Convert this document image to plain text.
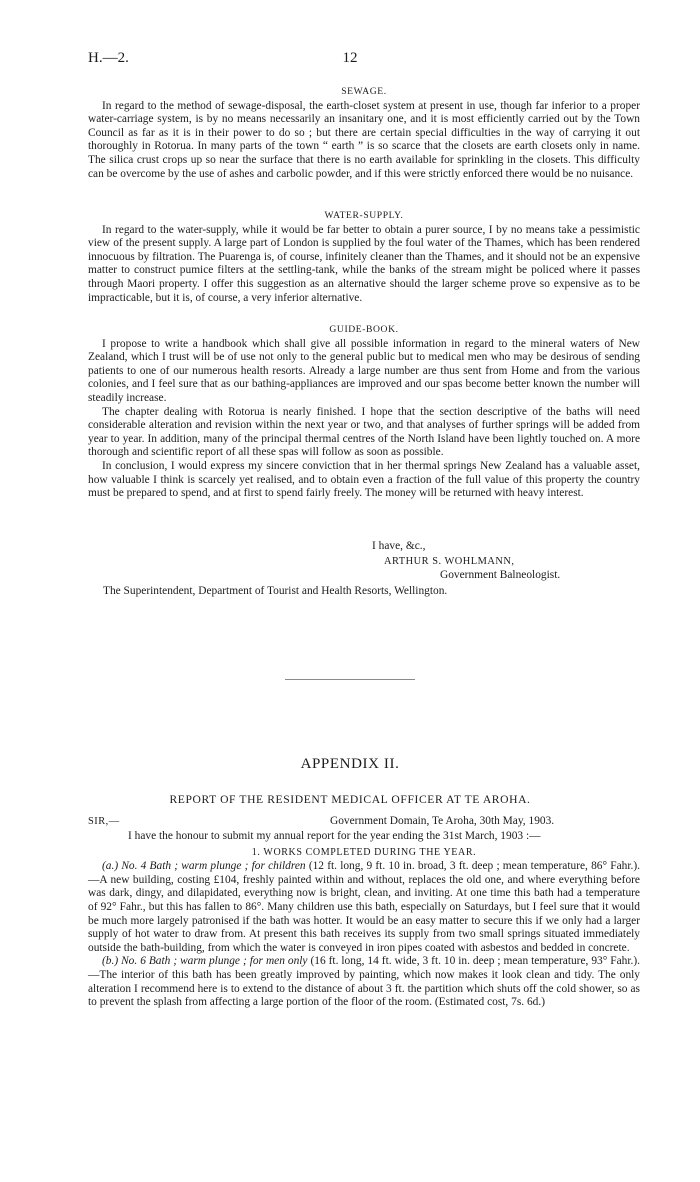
H.—2.	12
SEWAGE.

In regard to the method of sewage-disposal, the earth-closet system at present in use, though far inferior to a proper water-carriage system, is by no means necessarily an insanitary one, and it is most efficiently carried out by the Town Council as far as it is in their power to do so ; but there are certain special difficulties in the way of carrying it out thoroughly in Rotorua. In many parts of the town “ earth ” is so scarce that the closets are earth closets only in name. The silica crust crops up so near the surface that there is no earth available for sprinkling in the closets. This difficulty can be overcome by the use of ashes and carbolic powder, and if this were strictly enforced there would be no nuisance.

WATER-SUPPLY.

In regard to the water-supply, while it would be far better to obtain a purer source, I by no means take a pessimistic view of the present supply. A large part of London is supplied by the foul water of the Thames, which has been rendered innocuous by filtration. The Puarenga is, of course, infinitely cleaner than the Thames, and it should not be an expensive matter to construct pumice filters at the settling-tank, while the banks of the stream might be policed where it passes through Maori property. I offer this suggestion as an alternative should the larger scheme prove so expensive as to be impracticable, but it is, of course, a very inferior alternative.

GUIDE-BOOK.

I propose to write a handbook which shall give all possible information in regard to the mineral waters of New Zealand, which I trust will be of use not only to the general public but to medical men who may be desirous of sending patients to one of our numerous health resorts. Already a large number are thus sent from Home and from the various colonies, and I feel sure that as our bathing-appliances are improved and our spas become better known the number will steadily increase.

The chapter dealing with Rotorua is nearly finished. I hope that the section descriptive of the baths will need considerable alteration and revision within the next year or two, and that analyses of further springs will be added from year to year. In addition, many of the principal thermal centres of the North Island have been lightly touched on. A more thorough and scientific report of all these spas will follow as soon as possible.

In conclusion, I would express my sincere conviction that in her thermal springs New Zealand has a valuable asset, how valuable I think is scarcely yet realised, and to obtain even a fraction of the full value of this property the country must be prepared to spend, and at first to spend fairly freely. The money will be returned with heavy interest.

I have, &c.,
ARTHUR S. WOHLMANN,
Government Balneologist.
The Superintendent, Department of Tourist and Health Resorts, Wellington.
APPENDIX II.
REPORT OF THE RESIDENT MEDICAL OFFICER AT TE AROHA.
SIR,—	Government Domain, Te Aroha, 30th May, 1903.

I have the honour to submit my annual report for the year ending the 31st March, 1903 :—

1. WORKS COMPLETED DURING THE YEAR.

(a.) No. 4 Bath ; warm plunge ; for children (12 ft. long, 9 ft. 10 in. broad, 3 ft. deep ; mean temperature, 86° Fahr.).—A new building, costing £104, freshly painted within and without, replaces the old one, and where everything before was dark, dingy, and dilapidated, everything now is bright, clean, and inviting. At one time this bath had a temperature of 92° Fahr., but this has fallen to 86°. Many children use this bath, especially on Saturdays, but I feel sure that it would be much more largely patronised if the bath was hotter. It would be an easy matter to secure this if we only had a larger supply of hot water to draw from. At present this bath receives its supply from two small springs situated immediately outside the bath-building, from which the water is conveyed in iron pipes coated with asbestos and bedded in concrete.

(b.) No. 6 Bath ; warm plunge ; for men only (16 ft. long, 14 ft. wide, 3 ft. 10 in. deep ; mean temperature, 93° Fahr.).—The interior of this bath has been greatly improved by painting, which now makes it look clean and tidy. The only alteration I recommend here is to extend to the distance of about 3 ft. the partition which shuts off the cold shower, so as to prevent the splash from affecting a large portion of the floor of the room. (Estimated cost, 7s. 6d.)
